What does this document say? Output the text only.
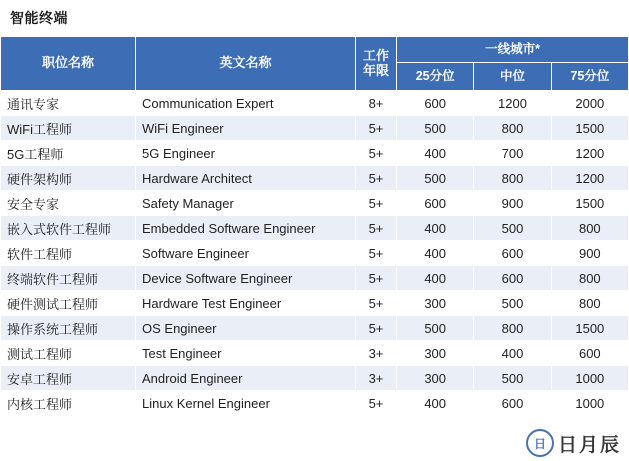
智能终端
职位名称	英文名称	工作年限	一线城市*		
			25分位	中位	75分位
通讯专家	Communication Expert	8+	600	1200	2000
WiFi工程师	WiFi Engineer	5+	500	800	1500
5G工程师	5G Engineer	5+	400	700	1200
硬件架构师	Hardware Architect	5+	500	800	1200
安全专家	Safety Manager	5+	600	900	1500
嵌入式软件工程师	Embedded Software Engineer	5+	400	500	800
软件工程师	Software Engineer	5+	400	600	900
终端软件工程师	Device Software Engineer	5+	400	600	800
硬件测试工程师	Hardware Test Engineer	5+	300	500	800
操作系统工程师	OS Engineer	5+	500	800	1500
测试工程师	Test Engineer	3+	300	400	600
安卓工程师	Android Engineer	3+	300	500	1000
内核工程师	Linux Kernel Engineer	5+	400	600	1000
日 日月辰
